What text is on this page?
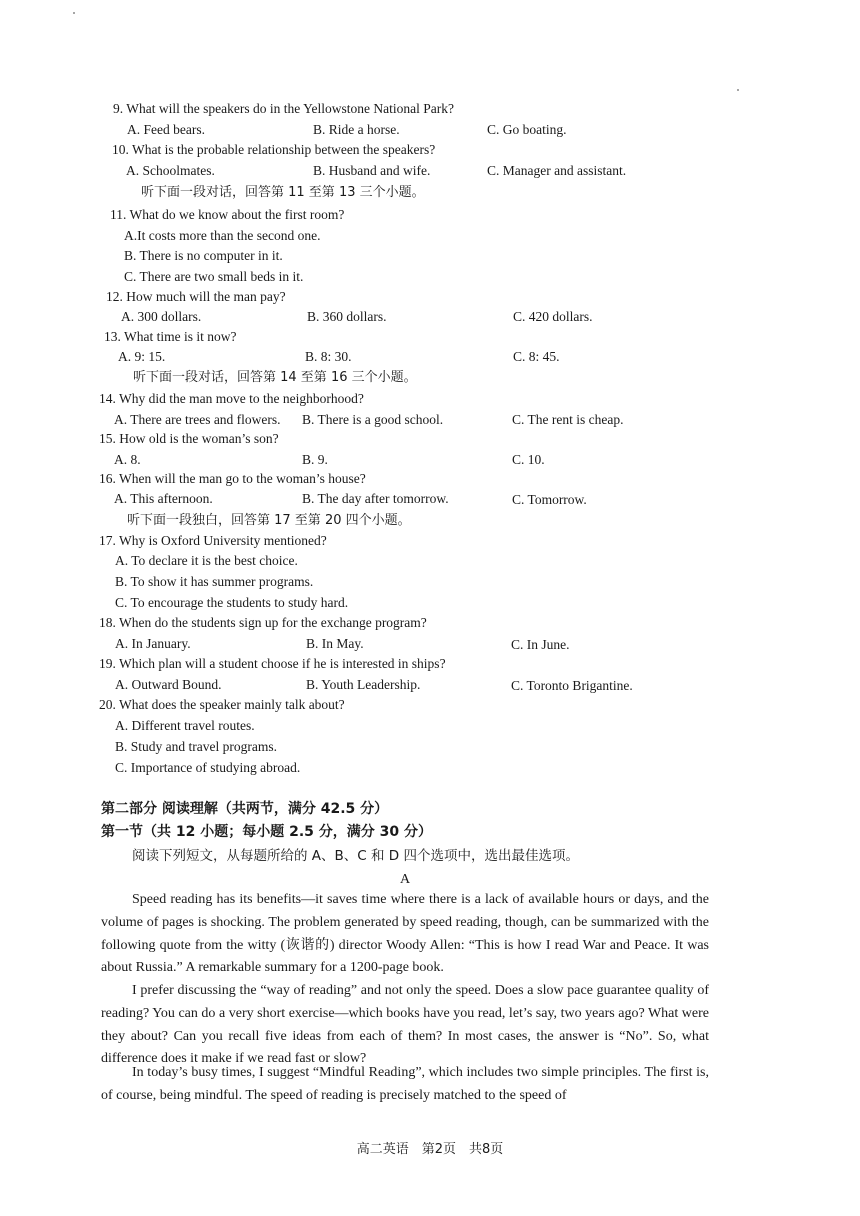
9. What will the speakers do in the Yellowstone National Park?
A. Feed bears.	B. Ride a horse.	C. Go boating.
10. What is the probable relationship between the speakers?
A. Schoolmates.	B. Husband and wife.	C. Manager and assistant.
听下面一段对话，回答第 11 至第 13 三个小题。
11. What do we know about the first room?
A.It costs more than the second one.
B. There is no computer in it.
C. There are two small beds in it.
12. How much will the man pay?
A. 300 dollars.	B. 360 dollars.	C. 420 dollars.
13. What time is it now?
A. 9: 15.	B. 8: 30.	C. 8: 45.
听下面一段对话，回答第 14 至第 16 三个小题。
14. Why did the man move to the neighborhood?
A. There are trees and flowers. B. There is a good school.	C. The rent is cheap.
15. How old is the woman’s son?
A. 8.	B. 9.	C. 10.
16. When will the man go to the woman’s house?
A. This afternoon.	B. The day after tomorrow.	C. Tomorrow.
听下面一段独白，回答第 17 至第 20 四个小题。
17. Why is Oxford University mentioned?
A. To declare it is the best choice.
B. To show it has summer programs.
C. To encourage the students to study hard.
18. When do the students sign up for the exchange program?
A. In January.	B. In May.	C. In June.
19. Which plan will a student choose if he is interested in ships?
A. Outward Bound.	B. Youth Leadership.	C. Toronto Brigantine.
20. What does the speaker mainly talk about?
A. Different travel routes.
B. Study and travel programs.
C. Importance of studying abroad.
第二部分 阅读理解（共两节，满分 42.5 分）
第一节（共 12 小题；每小题 2.5 分，满分 30 分）
阅读下列短文，从每题所给的 A、B、C 和 D 四个选项中，选出最佳选项。
A
Speed reading has its benefits—it saves time where there is a lack of available hours or days, and the volume of pages is shocking. The problem generated by speed reading, though, can be summarized with the following quote from the witty (诙谐的) director Woody Allen: “This is how I read War and Peace. It was about Russia.” A remarkable summary for a 1200-page book.
I prefer discussing the “way of reading” and not only the speed. Does a slow pace guarantee quality of reading? You can do a very short exercise—which books have you read, let’s say, two years ago? What were they about? Can you recall five ideas from each of them? In most cases, the answer is “No”. So, what difference does it make if we read fast or slow?
In today’s busy times, I suggest “Mindful Reading”, which includes two simple principles. The first is, of course, being mindful. The speed of reading is precisely matched to the speed of
高二英语　第2页　共8页
